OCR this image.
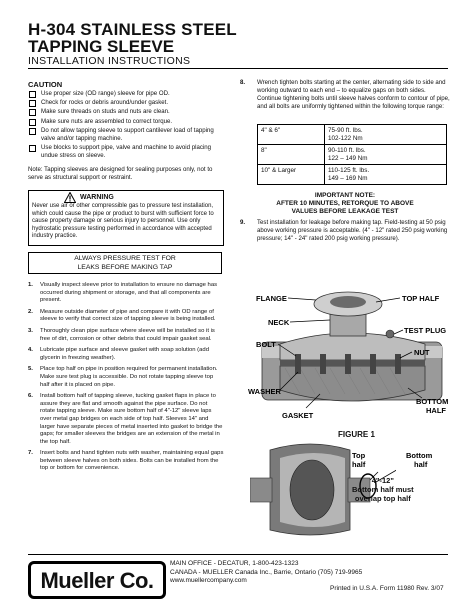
H-304 STAINLESS STEEL
TAPPING SLEEVE
INSTALLATION INSTRUCTIONS
CAUTION
Use proper size (OD range) sleeve for pipe OD.
Check for rocks or debris around/under gasket.
Make sure threads on studs and nuts are clean.
Make sure nuts are assembled to correct torque.
Do not allow tapping sleeve to support cantilever load of tapping valve and/or tapping machine.
Use blocks to support pipe, valve and machine to avoid placing undue stress on sleeve.
Note: Tapping sleeves are designed for sealing purposes only, not to serve as structural support or restraint.
WARNING
Never use air or other compressible gas to pressure test installation, which could cause the pipe or product to burst with sufficient force to cause property damage or serious injury to personnel. Use only hydrostatic pressure testing performed in accordance with accepted industry practice.
ALWAYS PRESSURE TEST FOR
LEAKS BEFORE MAKING TAP
1. Visually inspect sleeve prior to installation to ensure no damage has occurred during shipment or storage, and that all components are present.
2. Measure outside diameter of pipe and compare it with OD range of sleeve to verify that correct size of tapping sleeve is being installed.
3. Thoroughly clean pipe surface where sleeve will be installed so it is free of dirt, corrosion or other debris that could impair gasket seal.
4. Lubricate pipe surface and sleeve gasket with soap solution (add glycerin in freezing weather).
5. Place top half on pipe in position required for permanent installation. Make sure test plug is accessible. Do not rotate tapping sleeve top half after it is placed on pipe.
6. Install bottom half of tapping sleeve, tucking gasket flaps in place to assure they are flat and smooth against the pipe surface. Do not rotate tapping sleeve. Make sure bottom half of 4"-12" sleeve laps over metal gap bridges on each side of top half. Sleeves 14" and larger have separate pieces of metal inserted into gasket to bridge the gaps; for smaller sleeves the bridges are an extension of the metal in the top half.
7. Insert bolts and hand tighten nuts with washer, maintaining equal gaps between sleeve halves on both sides. Bolts can be installed from the top or bottom for convenience.
8.	Wrench tighten bolts starting at the center, alternating side to side and working outward to each end – to equalize gaps on both sides. Continue tightening bolts until sleeve halves conform to contour of pipe, and all bolts are uniformly tightened within the following torque range:
4" & 6"	75-90 ft. lbs.
102-122 Nm

8"	90-110 ft. lbs.
122 – 149 Nm

10" & Larger	110-125 ft. lbs.
149 – 169 Nm
IMPORTANT NOTE:
AFTER 10 MINUTES, RETORQUE TO ABOVE
VALUES BEFORE LEAKAGE TEST
9.	Test installation for leakage before making tap. Field-testing at 50 psig above working pressure is acceptable. (4" - 12" rated 250 psig working pressure; 14" - 24" rated 200 psig working pressure).
FLANGE	TOP HALF
NECK
TEST PLUG
BOLT
NUT
WASHER
GASKET
BOTTOM
HALF
FIGURE 1
Top
half
Bottom
half
4"-12"
Bottom half must
overlap top half
Mueller Co.
MAIN OFFICE - DECATUR, 1-800-423-1323
CANADA - MUELLER Canada Inc., Barrie, Ontario (705) 719-9965
www.muellercompany.com
Printed in U.S.A. Form 11980 Rev. 3/07
